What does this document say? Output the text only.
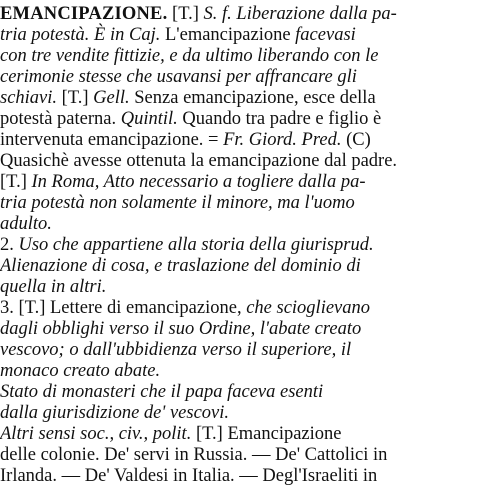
EMANCIPAZIONE. [T.] S. f. Liberazione dalla pa-
tria potestà. È in Caj. L'emancipazione facevasi
con tre vendite fittizie, e da ultimo liberando con le
cerimonie stesse che usavansi per affrancare gli
schiavi. [T.] Gell. Senza emancipazione, esce della
potestà paterna. Quintil. Quando tra padre e figlio è
intervenuta emancipazione. = Fr. Giord. Pred. (C)
Quasichè avesse ottenuta la emancipazione dal padre.
[T.] In Roma, Atto necessario a togliere dalla pa-
tria potestà non solamente il minore, ma l'uomo
adulto.
2. Uso che appartiene alla storia della giurisprud.
Alienazione di cosa, e traslazione del dominio di
quella in altri.
3. [T.] Lettere di emancipazione, che scioglievano
dagli obblighi verso il suo Ordine, l'abate creato
vescovo; o dall'ubbidienza verso il superiore, il
monaco creato abate.
Stato di monasteri che il papa faceva esenti
dalla giurisdizione de' vescovi.
Altri sensi soc., civ., polit. [T.] Emancipazione
delle colonie. De' servi in Russia. — De' Cattolici in
Irlanda. — De' Valdesi in Italia. — Degl'Israeliti in
